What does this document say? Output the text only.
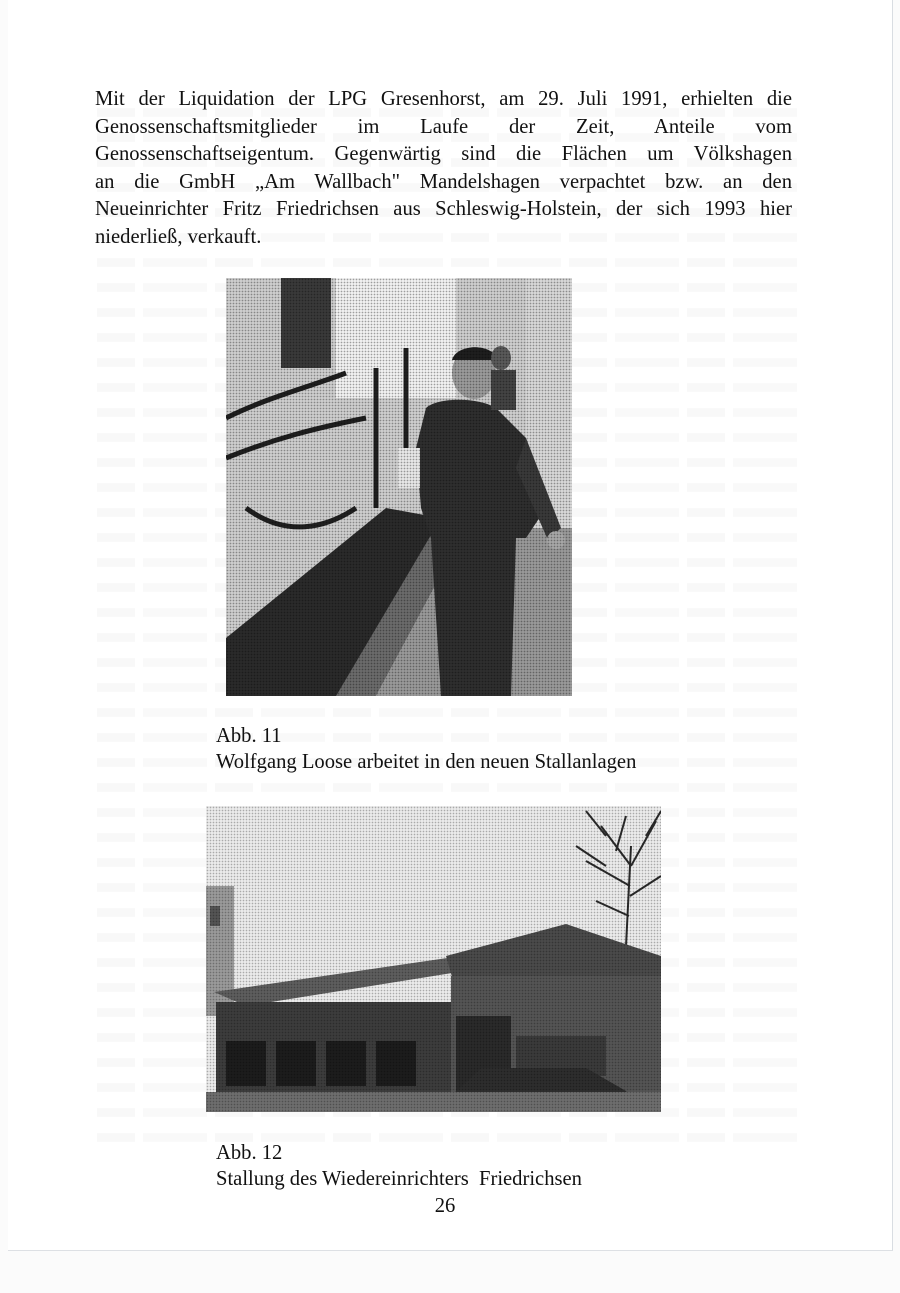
Mit der Liquidation der LPG Gresenhorst, am 29. Juli 1991, erhielten die
Genossenschaftsmitglieder im Laufe der Zeit, Anteile vom
Genossenschaftseigentum. Gegenwärtig sind die Flächen um Völkshagen
an die GmbH „Am Wallbach" Mandelshagen verpachtet bzw. an den
Neueinrichter Fritz Friedrichsen aus Schleswig-Holstein, der sich 1993 hier
niederließ, verkauft.
Abb. 11
Wolfgang Loose arbeitet in den neuen Stallanlagen
Abb. 12
Stallung des Wiedereinrichters  Friedrichsen
26
